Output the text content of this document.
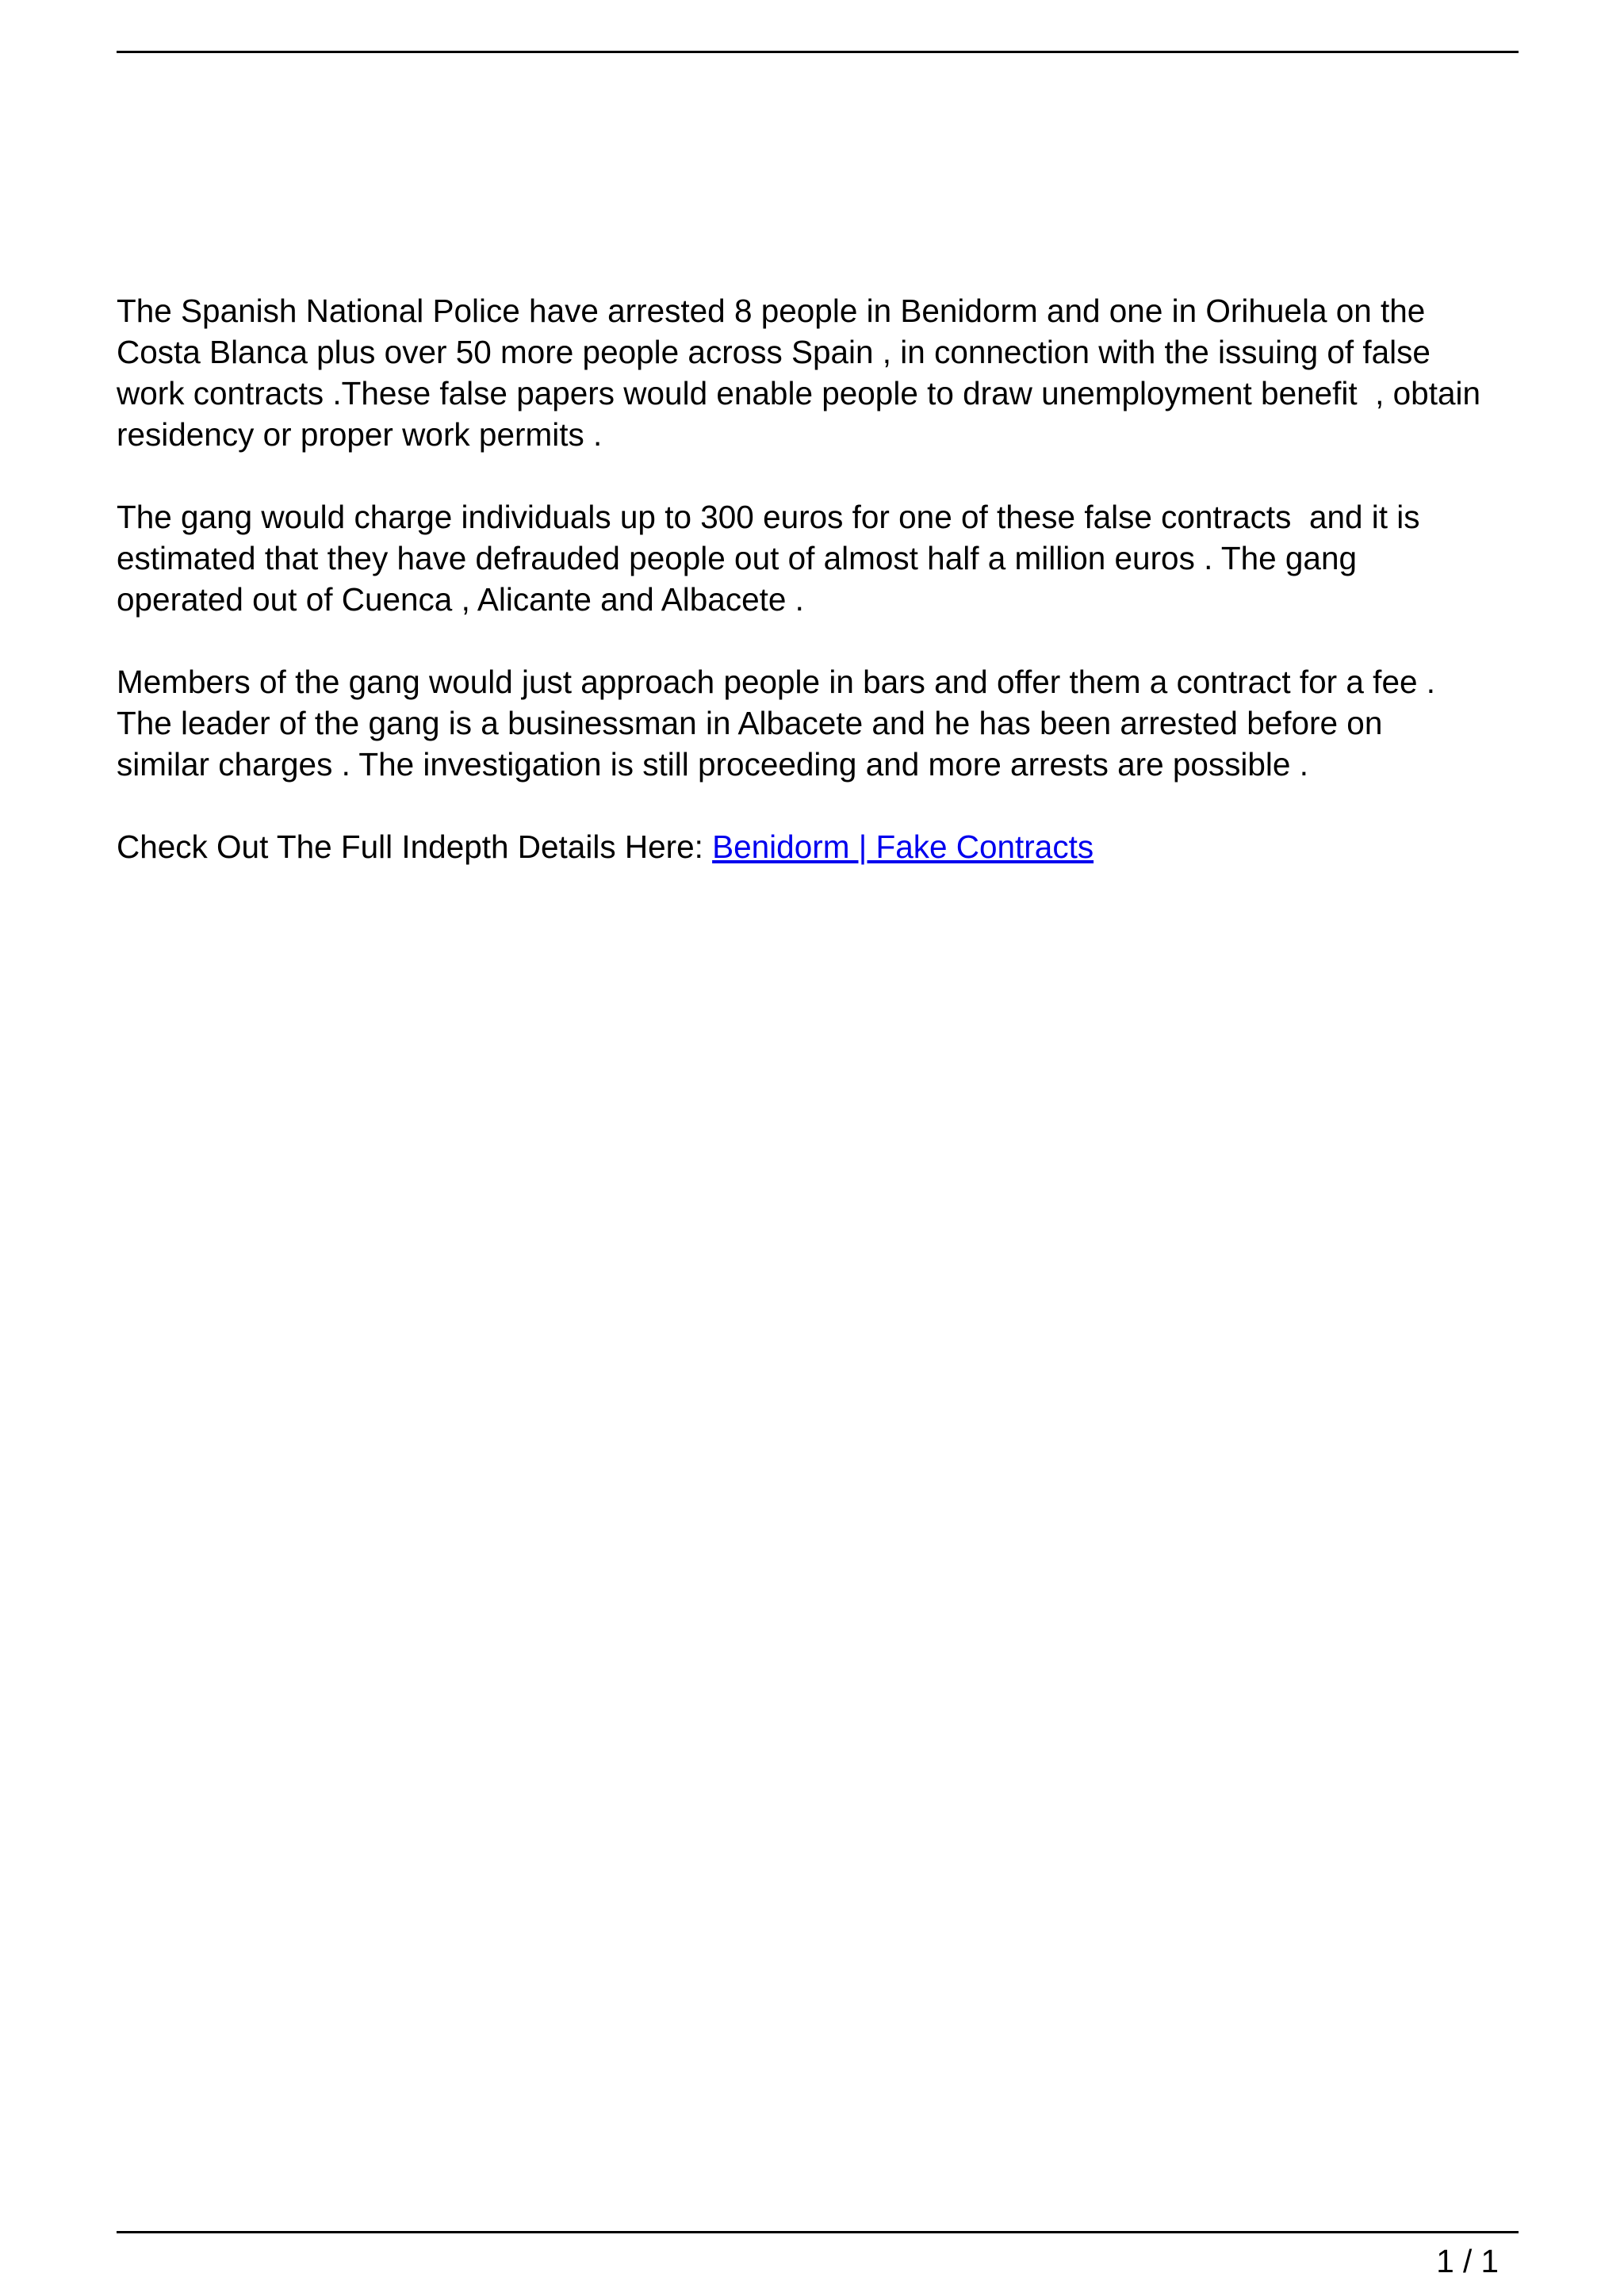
The Spanish National Police have arrested 8 people in Benidorm and one in Orihuela on the
Costa Blanca plus over 50 more people across Spain , in connection with the issuing of false
work contracts .These false papers would enable people to draw unemployment benefit  , obtain
residency or proper work permits .

The gang would charge individuals up to 300 euros for one of these false contracts  and it is
estimated that they have defrauded people out of almost half a million euros . The gang
operated out of Cuenca , Alicante and Albacete .

Members of the gang would just approach people in bars and offer them a contract for a fee .
The leader of the gang is a businessman in Albacete and he has been arrested before on
similar charges . The investigation is still proceeding and more arrests are possible .

Check Out The Full Indepth Details Here: Benidorm | Fake Contracts

1 / 1
